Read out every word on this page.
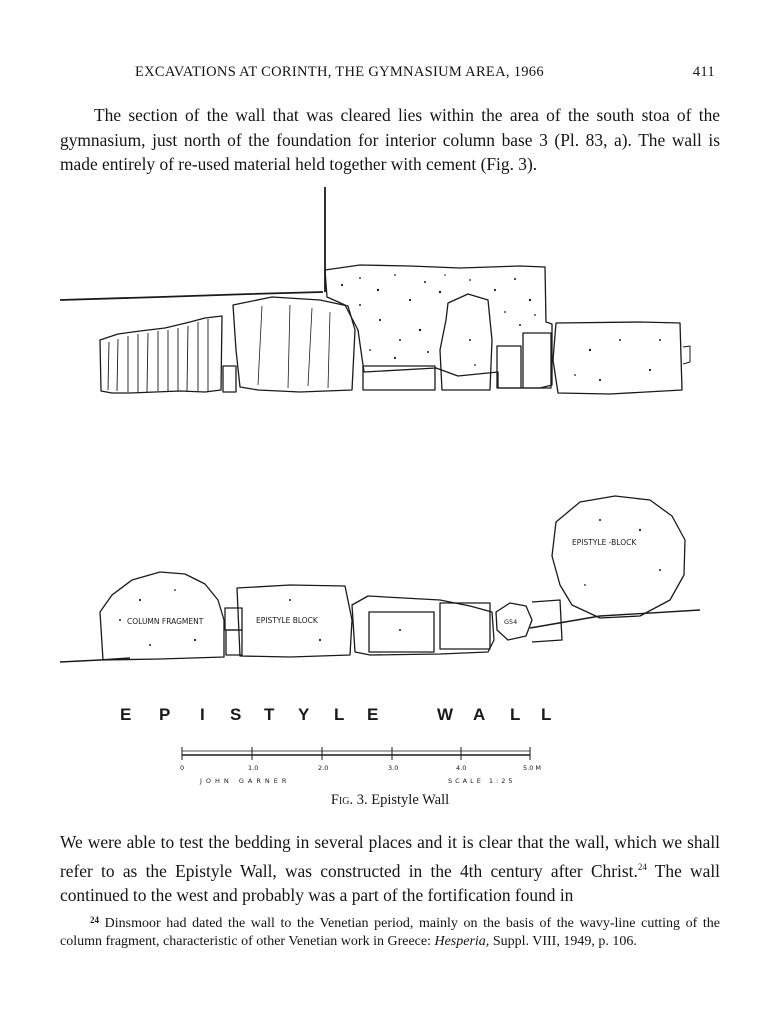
EXCAVATIONS AT CORINTH, THE GYMNASIUM AREA, 1966	411

The section of the wall that was cleared lies within the area of the south stoa of the gymnasium, just north of the foundation for interior column base 3 (Pl. 83, a). The wall is made entirely of re-used material held together with cement (Fig. 3).

COLUMN FRAGMENT	EPISTYLE BLOCK
EPISTYLE -BLOCK
G54
E P I S T Y L E	W A L L
0	1.0	2.0	3.0	4.0	5.0 M
JOHN GARNER	SCALE 1:25
Fig. 3. Epistyle Wall

We were able to test the bedding in several places and it is clear that the wall, which we shall refer to as the Epistyle Wall, was constructed in the 4th century after Christ.$^{24}$ The wall continued to the west and probably was a part of the fortification found in

$^{24}$ Dinsmoor had dated the wall to the Venetian period, mainly on the basis of the wavy-line cutting of the column fragment, characteristic of other Venetian work in Greece: Hesperia, Suppl. VIII, 1949, p. 106.
